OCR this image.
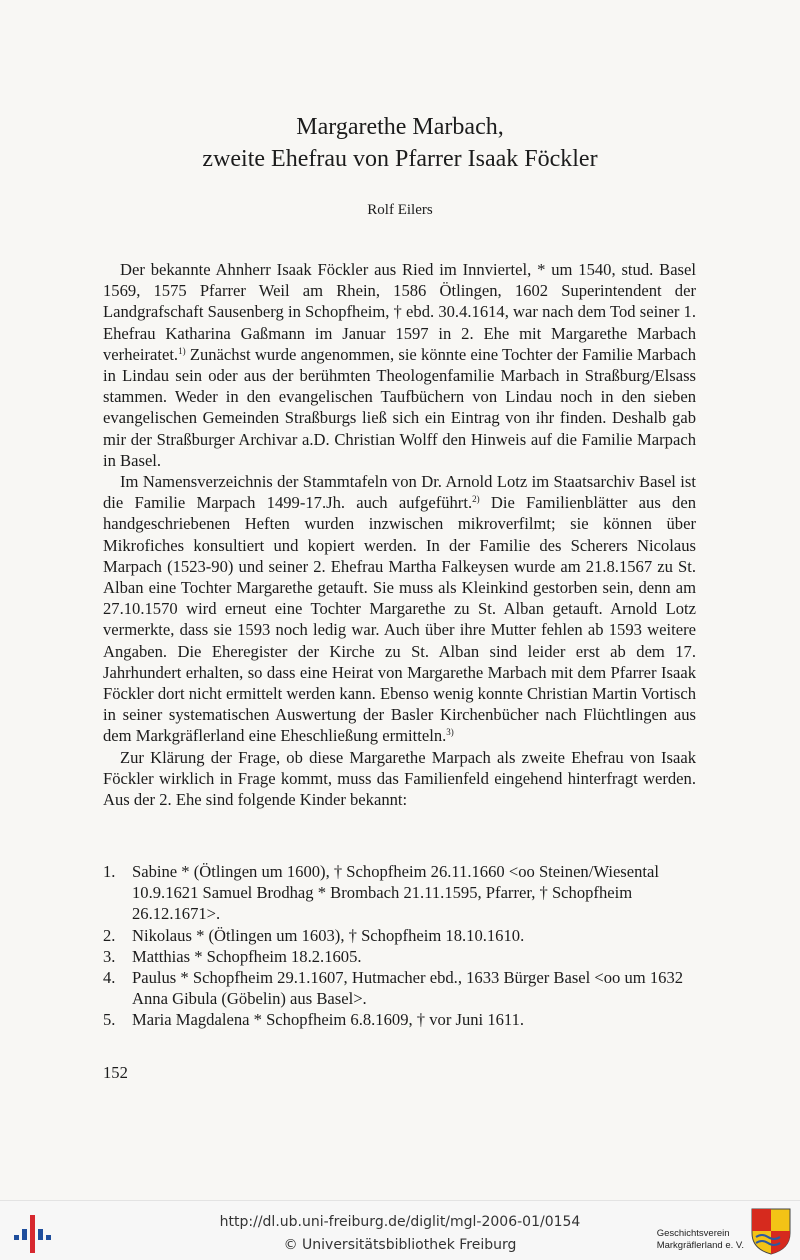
Margarethe Marbach,
zweite Ehefrau von Pfarrer Isaak Föckler
Rolf Eilers

Der bekannte Ahnherr Isaak Föckler aus Ried im Innviertel, * um 1540, stud. Basel 1569, 1575 Pfarrer Weil am Rhein, 1586 Ötlingen, 1602 Superintendent der Landgrafschaft Sausenberg in Schopfheim, † ebd. 30.4.1614, war nach dem Tod seiner 1. Ehefrau Katharina Gaßmann im Januar 1597 in 2. Ehe mit Margarethe Marbach verheiratet.$^{1)}$ Zunächst wurde angenommen, sie könnte eine Tochter der Familie Marbach in Lindau sein oder aus der berühmten Theologenfamilie Marbach in Straßburg/Elsass stammen. Weder in den evangelischen Taufbüchern von Lindau noch in den sieben evangelischen Gemeinden Straßburgs ließ sich ein Eintrag von ihr finden. Deshalb gab mir der Straßburger Archivar a.D. Christian Wolff den Hinweis auf die Familie Marpach in Basel.

Im Namensverzeichnis der Stammtafeln von Dr. Arnold Lotz im Staatsarchiv Basel ist die Familie Marpach 1499-17.Jh. auch aufgeführt.$^{2)}$ Die Familienblätter aus den handgeschriebenen Heften wurden inzwischen mikroverfilmt; sie können über Mikrofiches konsultiert und kopiert werden. In der Familie des Scherers Nicolaus Marpach (1523-90) und seiner 2. Ehefrau Martha Falkeysen wurde am 21.8.1567 zu St. Alban eine Tochter Margarethe getauft. Sie muss als Kleinkind gestorben sein, denn am 27.10.1570 wird erneut eine Tochter Margarethe zu St. Alban getauft. Arnold Lotz vermerkte, dass sie 1593 noch ledig war. Auch über ihre Mutter fehlen ab 1593 weitere Angaben. Die Eheregister der Kirche zu St. Alban sind leider erst ab dem 17. Jahrhundert erhalten, so dass eine Heirat von Margarethe Marbach mit dem Pfarrer Isaak Föckler dort nicht ermittelt werden kann. Ebenso wenig konnte Christian Martin Vortisch in seiner systematischen Auswertung der Basler Kirchenbücher nach Flüchtlingen aus dem Markgräflerland eine Eheschließung ermitteln.$^{3)}$

Zur Klärung der Frage, ob diese Margarethe Marpach als zweite Ehefrau von Isaak Föckler wirklich in Frage kommt, muss das Familienfeld eingehend hinterfragt werden. Aus der 2. Ehe sind folgende Kinder bekannt:

1. Sabine * (Ötlingen um 1600), † Schopfheim 26.11.1660 <oo Steinen/Wiesental 10.9.1621 Samuel Brodhag * Brombach 21.11.1595, Pfarrer, † Schopfheim 26.12.1671>.
2. Nikolaus * (Ötlingen um 1603), † Schopfheim 18.10.1610.
3. Matthias * Schopfheim 18.2.1605.
4. Paulus * Schopfheim 29.1.1607, Hutmacher ebd., 1633 Bürger Basel <oo um 1632 Anna Gibula (Göbelin) aus Basel>.
5. Maria Magdalena * Schopfheim 6.8.1609, † vor Juni 1611.
152
http://dl.ub.uni-freiburg.de/diglit/mgl-2006-01/0154
© Universitätsbibliothek Freiburg
Geschichtsverein
Markgräflerland e. V.
